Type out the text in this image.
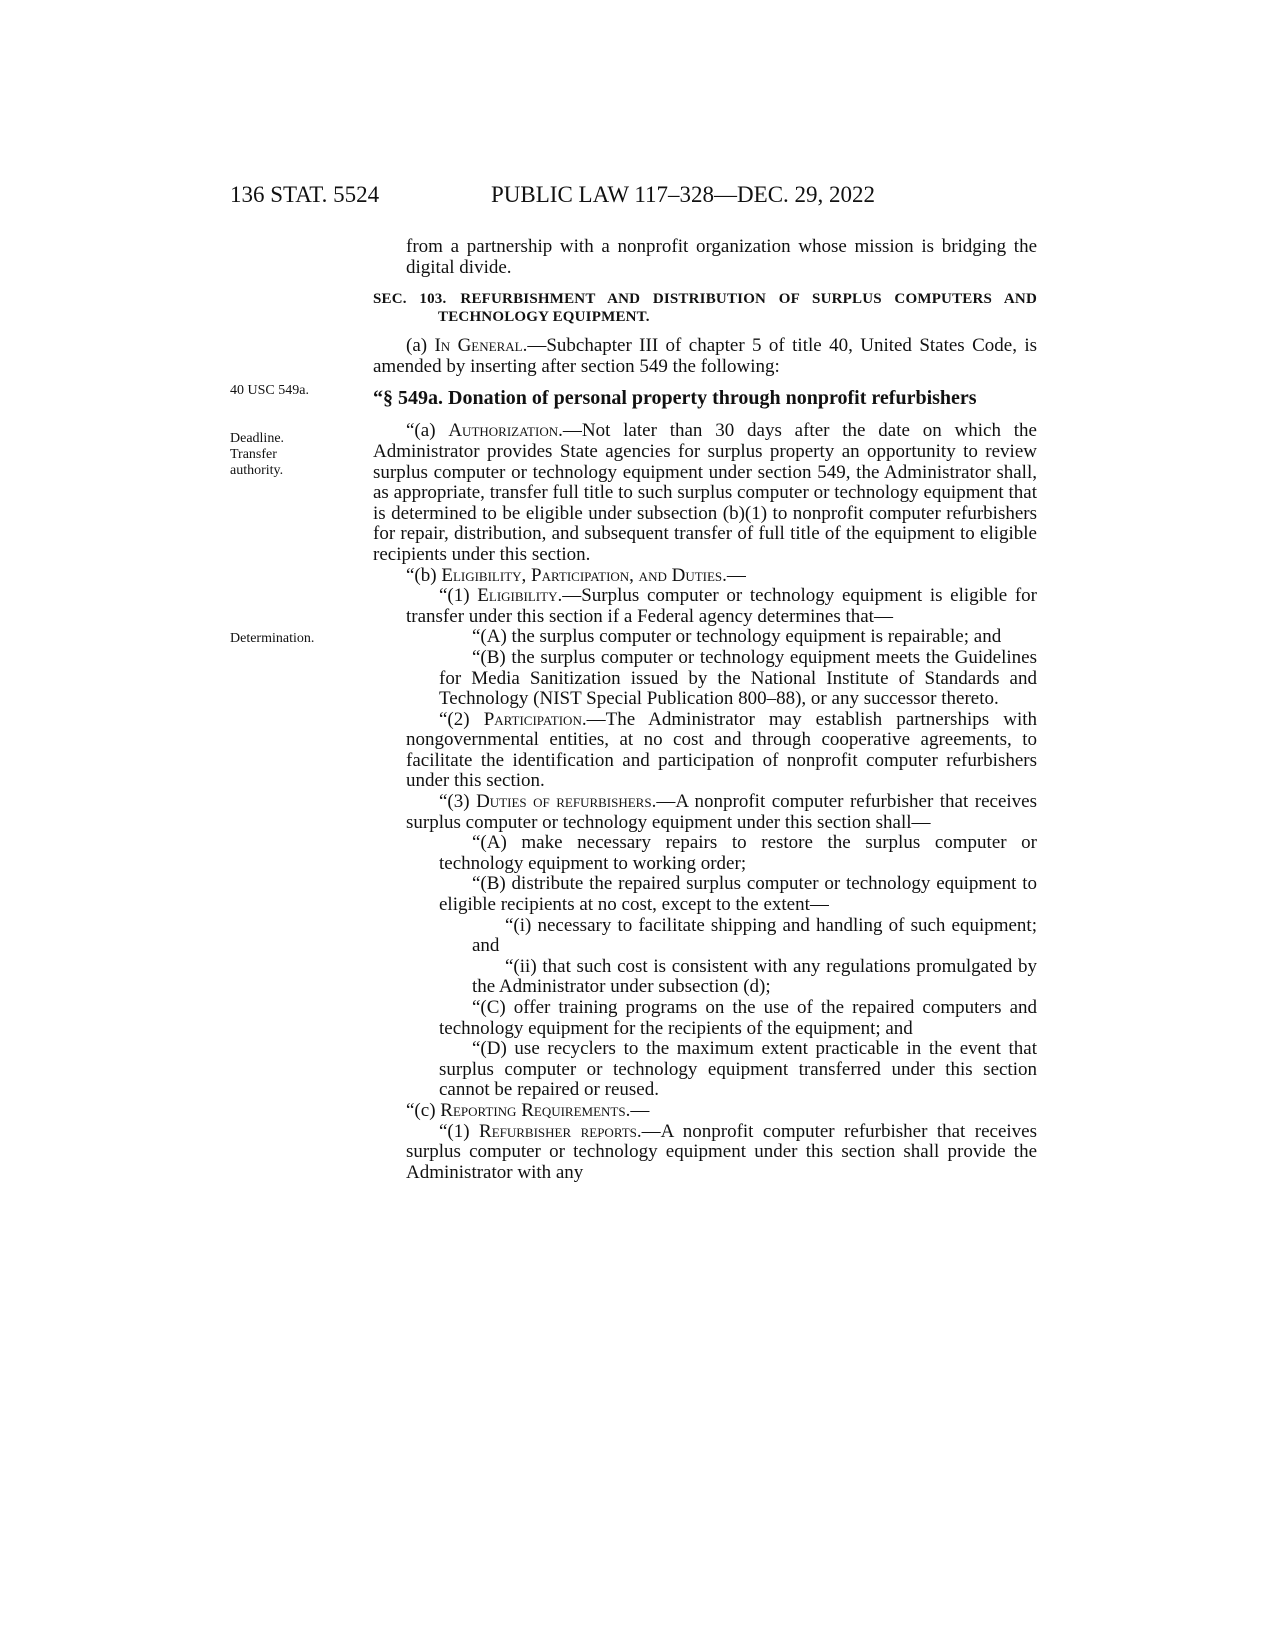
136 STAT. 5524	PUBLIC LAW 117–328—DEC. 29, 2022
40 USC 549a.
Deadline.
Transfer
authority.
Determination.

from a partnership with a nonprofit organization whose mission is bridging the digital divide.

SEC. 103. REFURBISHMENT AND DISTRIBUTION OF SURPLUS COMPUTERS AND TECHNOLOGY EQUIPMENT.

(a) In General.—Subchapter III of chapter 5 of title 40, United States Code, is amended by inserting after section 549 the following:

“§ 549a. Donation of personal property through nonprofit refurbishers

“(a) Authorization.—Not later than 30 days after the date on which the Administrator provides State agencies for surplus property an opportunity to review surplus computer or technology equipment under section 549, the Administrator shall, as appropriate, transfer full title to such surplus computer or technology equipment that is determined to be eligible under subsection (b)(1) to nonprofit computer refurbishers for repair, distribution, and subsequent transfer of full title of the equipment to eligible recipients under this section.

“(b) Eligibility, Participation, and Duties.—

“(1) Eligibility.—Surplus computer or technology equipment is eligible for transfer under this section if a Federal agency determines that—

“(A) the surplus computer or technology equipment is repairable; and

“(B) the surplus computer or technology equipment meets the Guidelines for Media Sanitization issued by the National Institute of Standards and Technology (NIST Special Publication 800–88), or any successor thereto.

“(2) Participation.—The Administrator may establish partnerships with nongovernmental entities, at no cost and through cooperative agreements, to facilitate the identification and participation of nonprofit computer refurbishers under this section.

“(3) Duties of refurbishers.—A nonprofit computer refurbisher that receives surplus computer or technology equipment under this section shall—

“(A) make necessary repairs to restore the surplus computer or technology equipment to working order;

“(B) distribute the repaired surplus computer or technology equipment to eligible recipients at no cost, except to the extent—

“(i) necessary to facilitate shipping and handling of such equipment; and

“(ii) that such cost is consistent with any regulations promulgated by the Administrator under subsection (d);

“(C) offer training programs on the use of the repaired computers and technology equipment for the recipients of the equipment; and

“(D) use recyclers to the maximum extent practicable in the event that surplus computer or technology equipment transferred under this section cannot be repaired or reused.

“(c) Reporting Requirements.—

“(1) Refurbisher reports.—A nonprofit computer refurbisher that receives surplus computer or technology equipment under this section shall provide the Administrator with any
